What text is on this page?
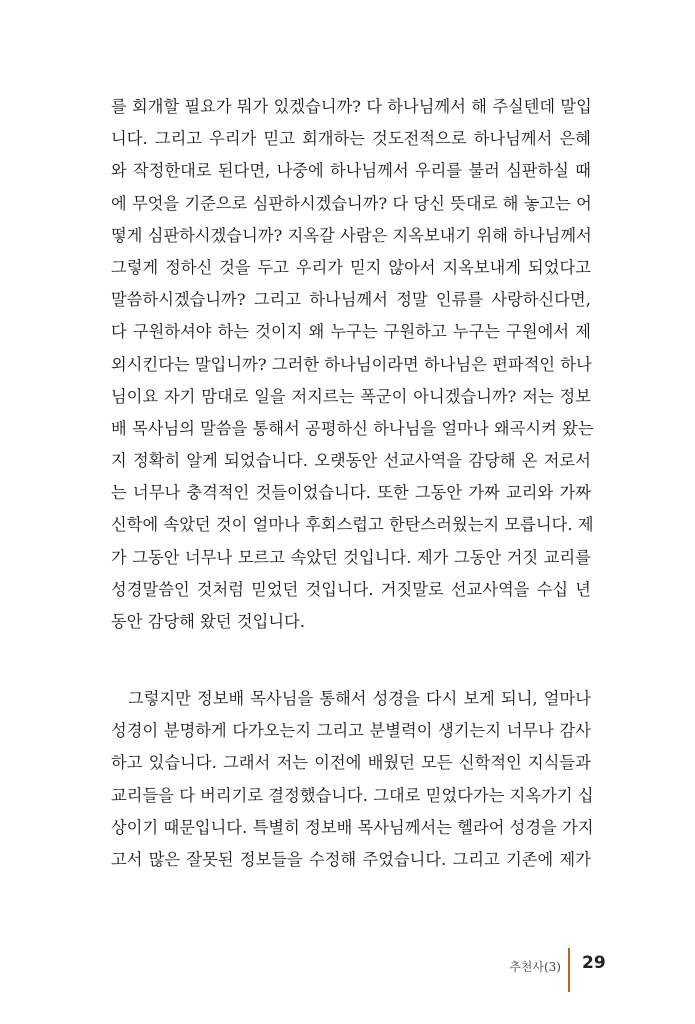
를 회개할 필요가 뭐가 있겠습니까? 다 하나님께서 해 주실텐데 말입
니다. 그리고 우리가 믿고 회개하는 것도전적으로 하나님께서 은혜
와 작정한대로 된다면, 나중에 하나님께서 우리를 불러 심판하실 때
에 무엇을 기준으로 심판하시겠습니까? 다 당신 뜻대로 해 놓고는 어
떻게 심판하시겠습니까? 지옥갈 사람은 지옥보내기 위해 하나님께서
그렇게 정하신 것을 두고 우리가 믿지 않아서 지옥보내게 되었다고
말씀하시겠습니까? 그리고 하나님께서 정말 인류를 사랑하신다면,
다 구원하셔야 하는 것이지 왜 누구는 구원하고 누구는 구원에서 제
외시킨다는 말입니까? 그러한 하나님이라면 하나님은 편파적인 하나
님이요 자기 맘대로 일을 저지르는 폭군이 아니겠습니까? 저는 정보
배 목사님의 말씀을 통해서 공평하신 하나님을 얼마나 왜곡시켜 왔는
지 정확히 알게 되었습니다. 오랫동안 선교사역을 감당해 온 저로서
는 너무나 충격적인 것들이었습니다. 또한 그동안 가짜 교리와 가짜
신학에 속았던 것이 얼마나 후회스럽고 한탄스러웠는지 모릅니다. 제
가 그동안 너무나 모르고 속았던 것입니다. 제가 그동안 거짓 교리를
성경말씀인 것처럼 믿었던 것입니다. 거짓말로 선교사역을 수십 년
동안 감당해 왔던 것입니다.
그렇지만 정보배 목사님을 통해서 성경을 다시 보게 되니, 얼마나
성경이 분명하게 다가오는지 그리고 분별력이 생기는지 너무나 감사
하고 있습니다. 그래서 저는 이전에 배웠던 모든 신학적인 지식들과
교리들을 다 버리기로 결정했습니다. 그대로 믿었다가는 지옥가기 십
상이기 때문입니다. 특별히 정보배 목사님께서는 헬라어 성경을 가지
고서 많은 잘못된 정보들을 수정해 주었습니다. 그리고 기존에 제가
추천사(3) 29
